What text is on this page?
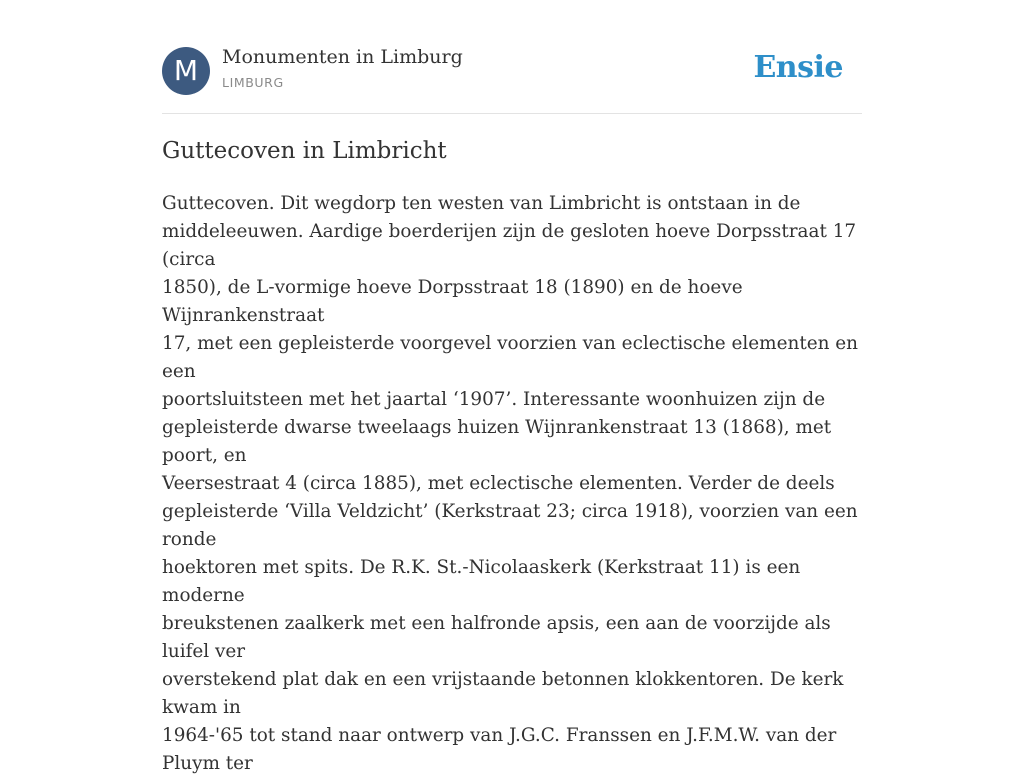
M	Monumenten in Limburg
LIMBURG	Ensie
Guttecoven in Limbricht

Guttecoven. Dit wegdorp ten westen van Limbricht is ontstaan in de
middeleeuwen. Aardige boerderijen zijn de gesloten hoeve Dorpsstraat 17 (circa
1850), de L-vormige hoeve Dorpsstraat 18 (1890) en de hoeve Wijnrankenstraat
17, met een gepleisterde voorgevel voorzien van eclectische elementen en een
poortsluitsteen met het jaartal ‘1907’. Interessante woonhuizen zijn de
gepleisterde dwarse tweelaags huizen Wijnrankenstraat 13 (1868), met poort, en
Veersestraat 4 (circa 1885), met eclectische elementen. Verder de deels
gepleisterde ‘Villa Veldzicht’ (Kerkstraat 23; circa 1918), voorzien van een ronde
hoektoren met spits. De R.K. St.-Nicolaaskerk (Kerkstraat 11) is een moderne
breukstenen zaalkerk met een halfronde apsis, een aan de voorzijde als luifel ver
overstekend plat dak en een vrijstaande betonnen klokkentoren. De kerk kwam in
1964-'65 tot stand naar ontwerp van J.G.C. Franssen en J.F.M.W. van der Pluym ter
